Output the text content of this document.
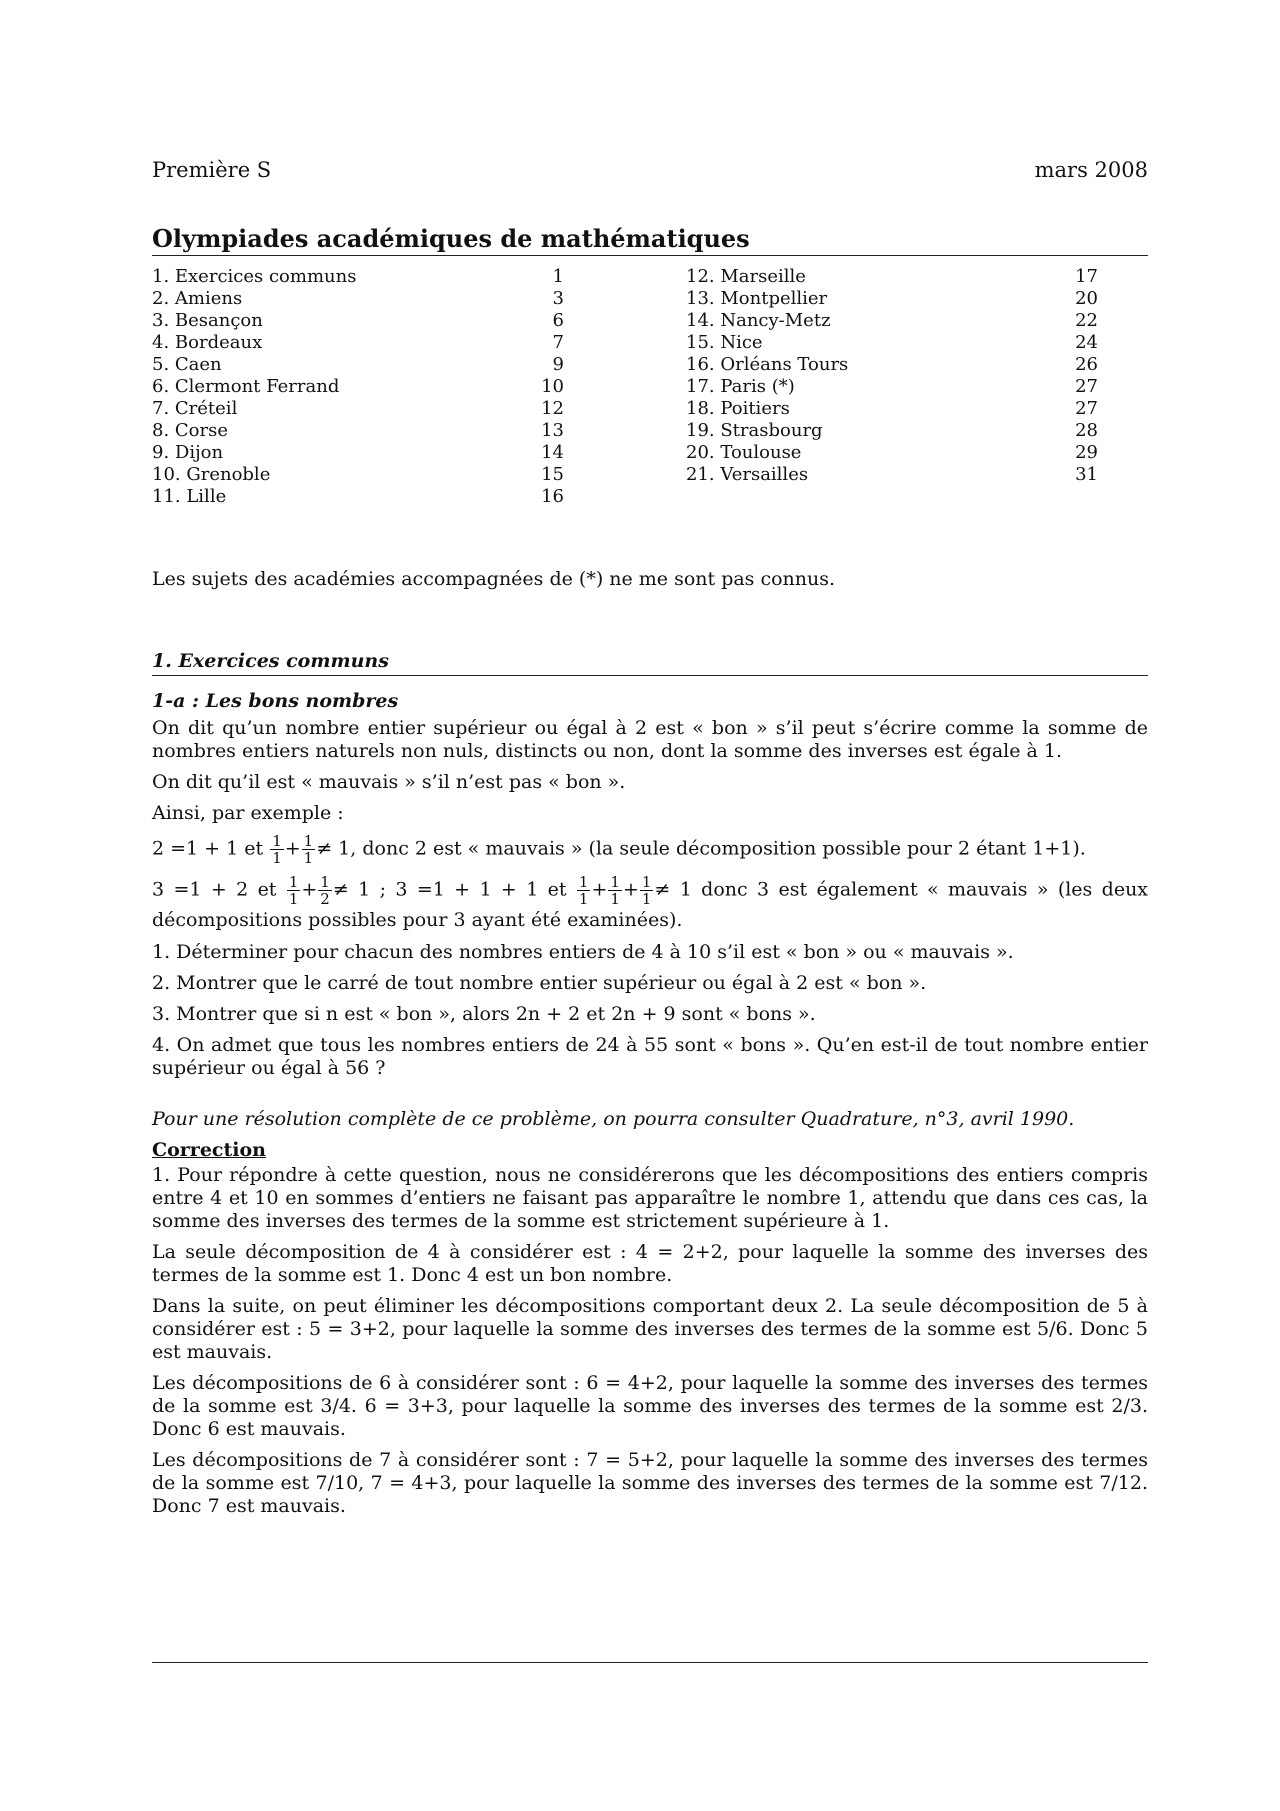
Première S	mars 2008
Olympiades académiques de mathématiques
1. Exercices communs	1
2. Amiens	3
3. Besançon	6
4. Bordeaux	7
5. Caen	9
6. Clermont Ferrand	10
7. Créteil	12
8. Corse	13
9. Dijon	14
10. Grenoble	15
11. Lille	16
12. Marseille	17
13. Montpellier	20
14. Nancy-Metz	22
15. Nice	24
16. Orléans Tours	26
17. Paris (*)	27
18. Poitiers	27
19. Strasbourg	28
20. Toulouse	29
21. Versailles	31
Les sujets des académies accompagnées de (*) ne me sont pas connus.
1. Exercices communs

1-a : Les bons nombres

On dit qu’un nombre entier supérieur ou égal à 2 est « bon » s’il peut s’écrire comme la somme de nombres entiers naturels non nuls, distincts ou non, dont la somme des inverses est égale à 1.

On dit qu’il est « mauvais » s’il n’est pas « bon ».

Ainsi, par exemple :

2 =1 + 1 et $\frac{1}{1} + \frac{1}{1} \ne 1$, donc 2 est « mauvais » (la seule décomposition possible pour 2 étant 1+1).

3 =1 + 2 et $\frac{1}{1} + \frac{1}{2} \ne 1$ ; 3 =1 + 1 + 1 et $\frac{1}{1} + \frac{1}{1} + \frac{1}{1} \ne 1$ donc 3 est également « mauvais » (les deux décompositions possibles pour 3 ayant été examinées).

1. Déterminer pour chacun des nombres entiers de 4 à 10 s’il est « bon » ou « mauvais ».

2. Montrer que le carré de tout nombre entier supérieur ou égal à 2 est « bon ».

3. Montrer que si n est « bon », alors 2n + 2 et 2n + 9 sont « bons ».

4. On admet que tous les nombres entiers de 24 à 55 sont « bons ». Qu’en est-il de tout nombre entier supérieur ou égal à 56 ?

Pour une résolution complète de ce problème, on pourra consulter Quadrature, n°3, avril 1990.

Correction

1. Pour répondre à cette question, nous ne considérerons que les décompositions des entiers compris entre 4 et 10 en sommes d’entiers ne faisant pas apparaître le nombre 1, attendu que dans ces cas, la somme des inverses des termes de la somme est strictement supérieure à 1.

La seule décomposition de 4 à considérer est : 4 = 2+2, pour laquelle la somme des inverses des termes de la somme est 1. Donc 4 est un bon nombre.

Dans la suite, on peut éliminer les décompositions comportant deux 2. La seule décomposition de 5 à considérer est : 5 = 3+2, pour laquelle la somme des inverses des termes de la somme est 5/6. Donc 5 est mauvais.

Les décompositions de 6 à considérer sont : 6 = 4+2, pour laquelle la somme des inverses des termes de la somme est 3/4. 6 = 3+3, pour laquelle la somme des inverses des termes de la somme est 2/3. Donc 6 est mauvais.

Les décompositions de 7 à considérer sont : 7 = 5+2, pour laquelle la somme des inverses des termes de la somme est 7/10, 7 = 4+3, pour laquelle la somme des inverses des termes de la somme est 7/12. Donc 7 est mauvais.
